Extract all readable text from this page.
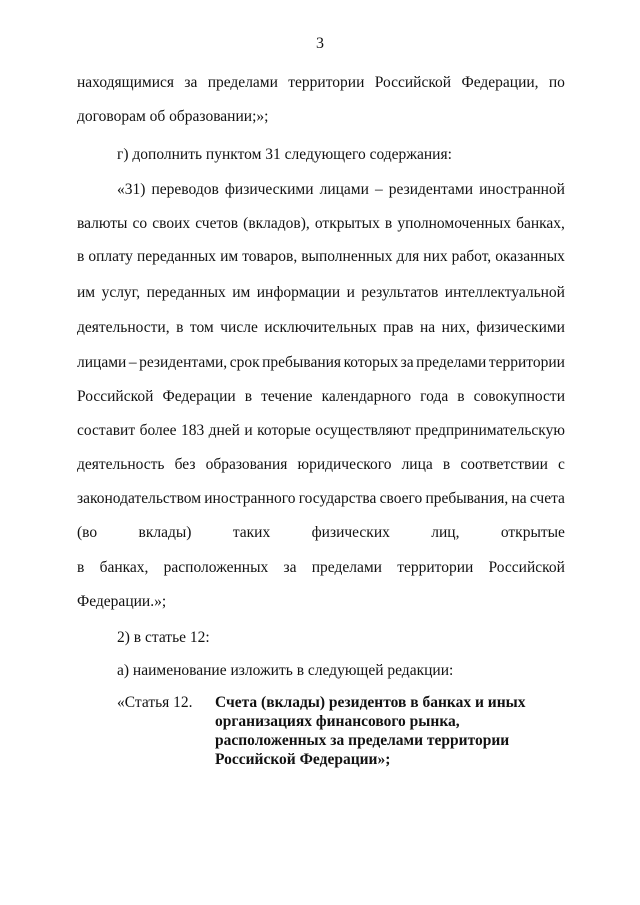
3
находящимися за пределами территории Российской Федерации, по
договорам об образовании;»;
г) дополнить пунктом 31 следующего содержания:
«31) переводов физическими лицами – резидентами иностранной
валюты со своих счетов (вкладов), открытых в уполномоченных банках,
в оплату переданных им товаров, выполненных для них работ, оказанных
им услуг, переданных им информации и результатов интеллектуальной
деятельности, в том числе исключительных прав на них, физическими
лицами – резидентами, срок пребывания которых за пределами территории
Российской Федерации в течение календарного года в совокупности
составит более 183 дней и которые осуществляют предпринимательскую
деятельность без образования юридического лица в соответствии с
законодательством иностранного государства своего пребывания, на счета
(во	вклады)	таких	физических	лиц,	открытые
в банках, расположенных за пределами территории Российской
Федерации.»;
2) в статье 12:
а) наименование изложить в следующей редакции:
«Статья 12. Счета (вклады) резидентов в банках и иных
организациях финансового рынка,
расположенных за пределами территории
Российской Федерации»;
